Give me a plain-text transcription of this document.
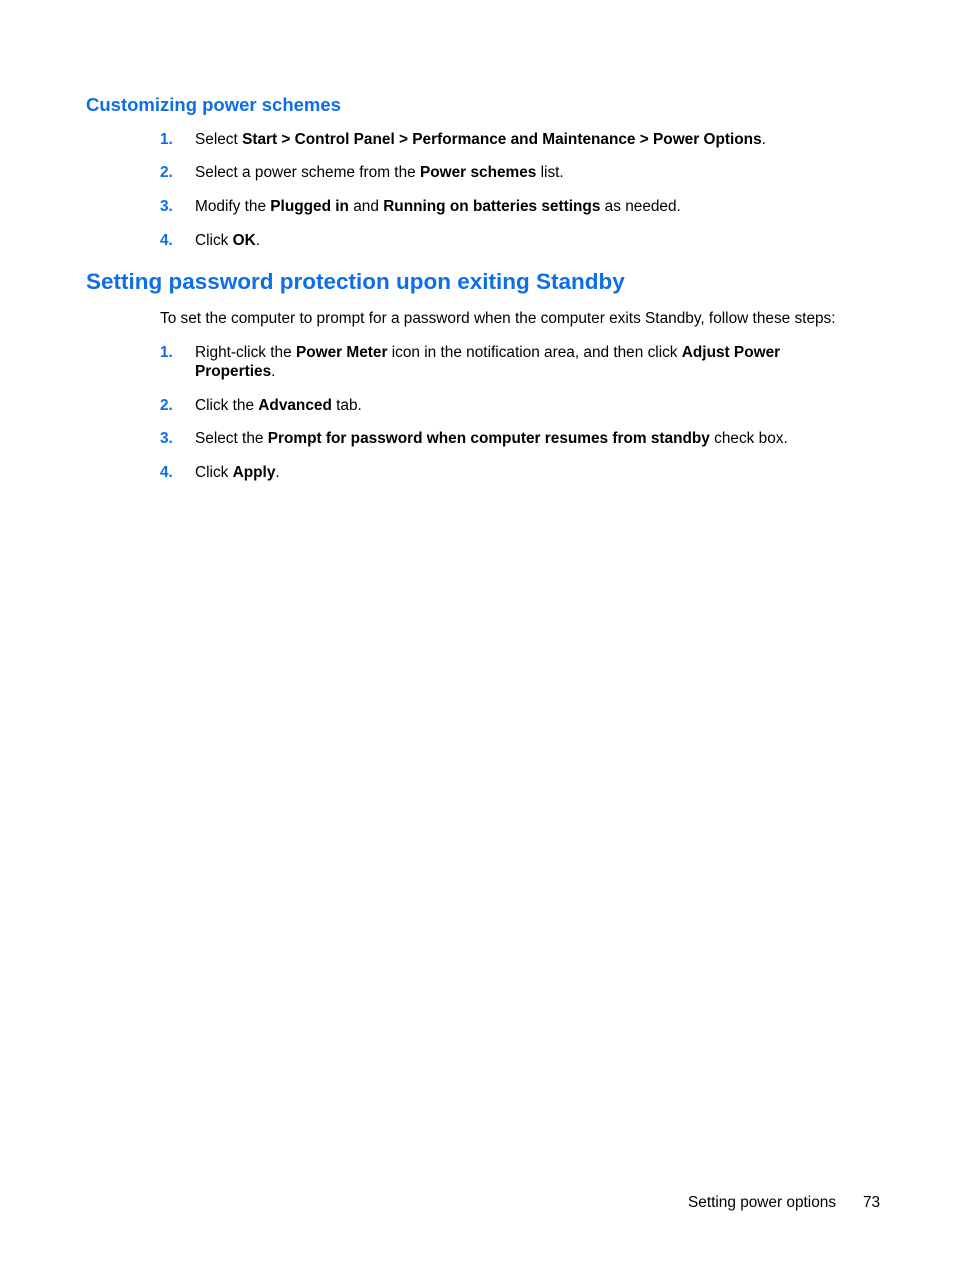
Customizing power schemes
1. Select Start > Control Panel > Performance and Maintenance > Power Options.
2. Select a power scheme from the Power schemes list.
3. Modify the Plugged in and Running on batteries settings as needed.
4. Click OK.
Setting password protection upon exiting Standby

To set the computer to prompt for a password when the computer exits Standby, follow these steps:

1. Right-click the Power Meter icon in the notification area, and then click Adjust Power Properties.
2. Click the Advanced tab.
3. Select the Prompt for password when computer resumes from standby check box.
4. Click Apply.
Setting power options 73
